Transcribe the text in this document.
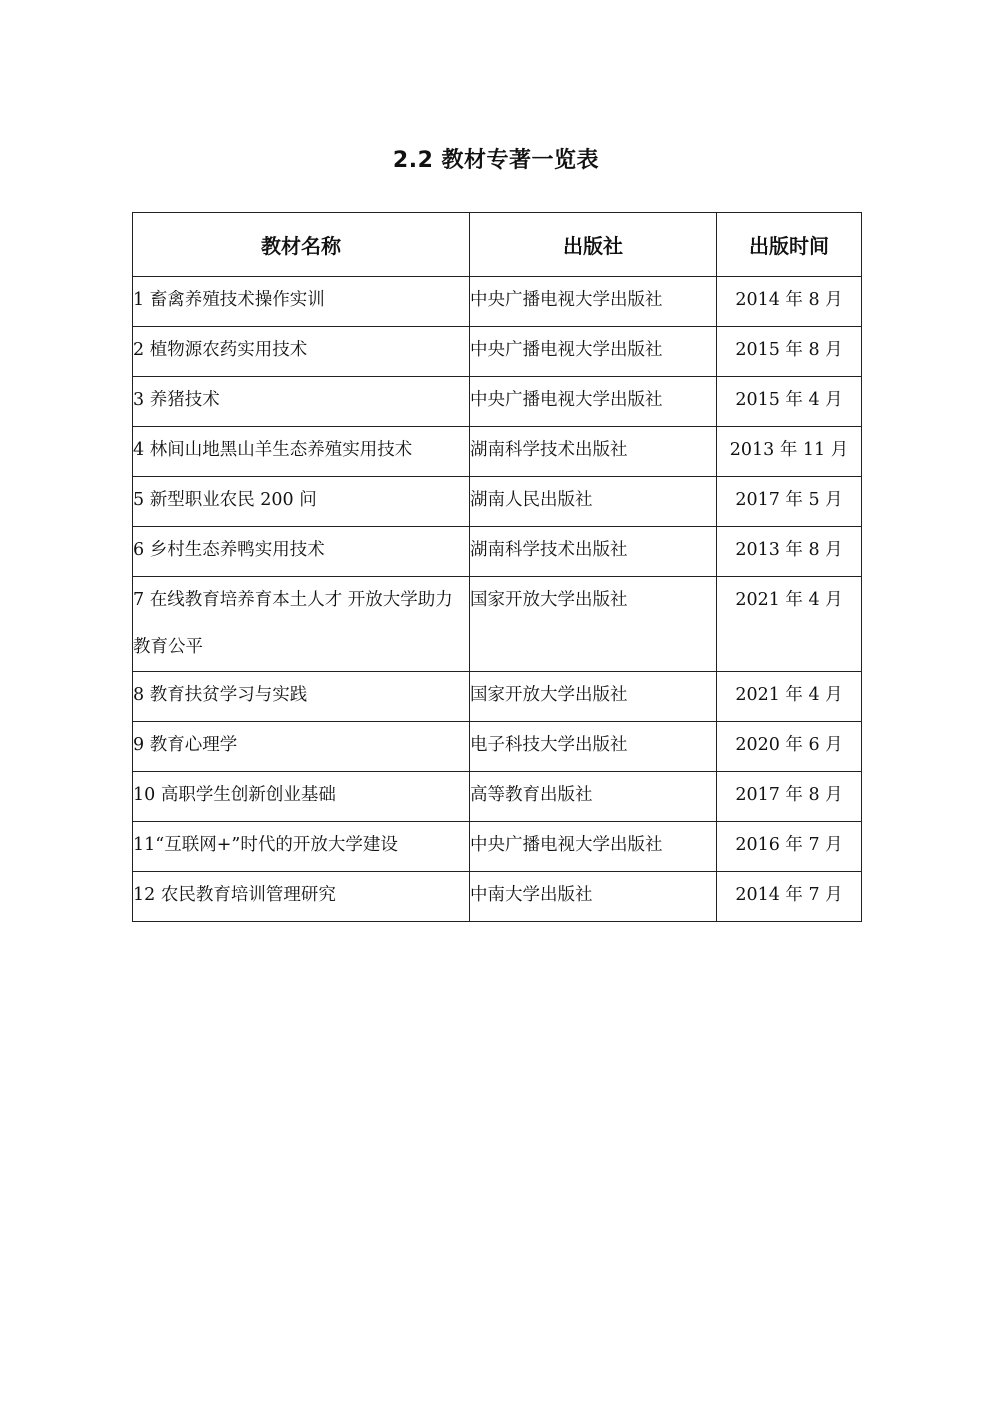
2.2 教材专著一览表
教材名称	出版社	出版时间
1 畜禽养殖技术操作实训	中央广播电视大学出版社	2014 年 8 月
2 植物源农药实用技术	中央广播电视大学出版社	2015 年 8 月
3 养猪技术	中央广播电视大学出版社	2015 年 4 月
4 林间山地黑山羊生态养殖实用技术	湖南科学技术出版社	2013 年 11 月
5 新型职业农民 200 问	湖南人民出版社	2017 年 5 月
6 乡村生态养鸭实用技术	湖南科学技术出版社	2013 年 8 月
7 在线教育培养育本土人才 开放大学助力教育公平	国家开放大学出版社	2021 年 4 月
8 教育扶贫学习与实践	国家开放大学出版社	2021 年 4 月
9 教育心理学	电子科技大学出版社	2020 年 6 月
10 高职学生创新创业基础	高等教育出版社	2017 年 8 月
11“互联网+”时代的开放大学建设	中央广播电视大学出版社	2016 年 7 月
12 农民教育培训管理研究	中南大学出版社	2014 年 7 月
